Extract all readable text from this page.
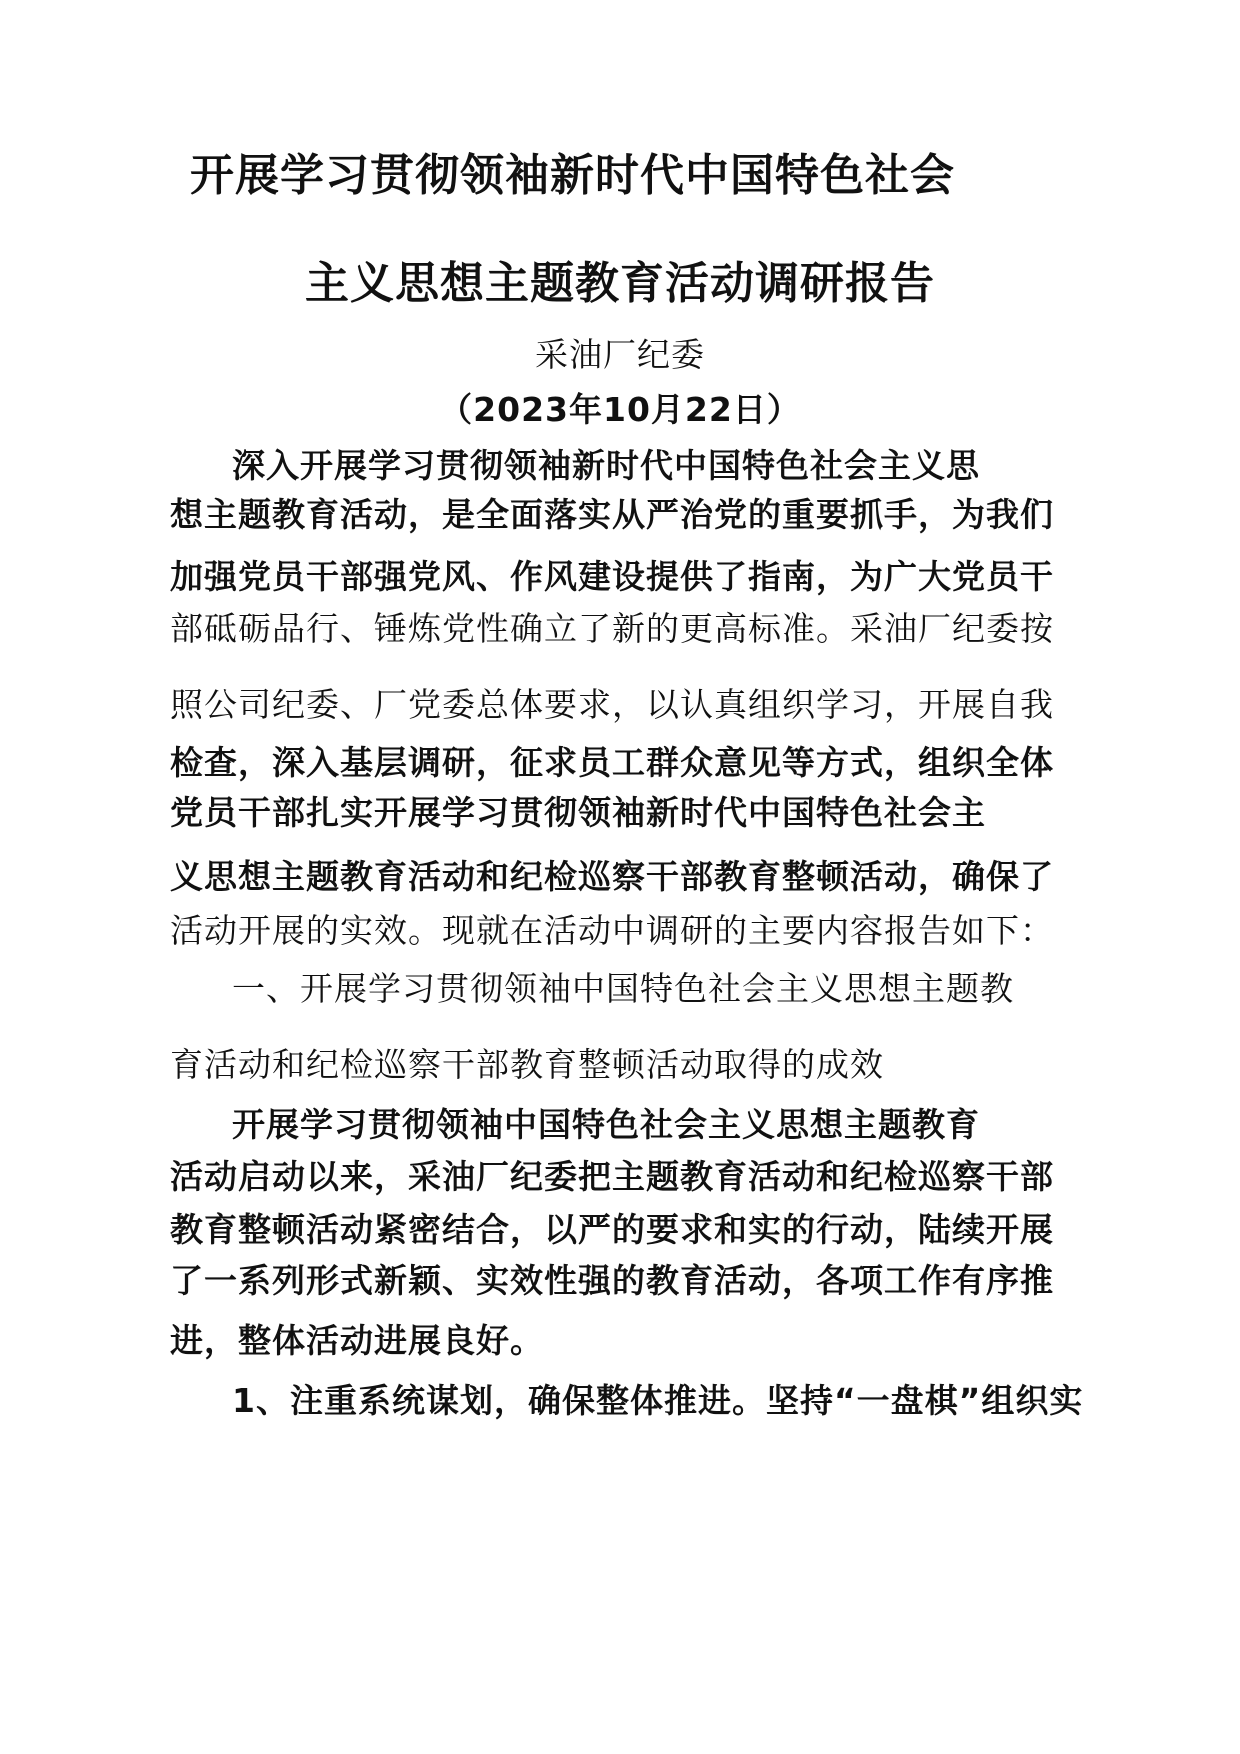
开展学习贯彻领袖新时代中国特色社会
主义思想主题教育活动调研报告
采油厂纪委
（2023年10月22日）
深入开展学习贯彻领袖新时代中国特色社会主义思
想主题教育活动，是全面落实从严治党的重要抓手，为我们
加强党员干部强党风、作风建设提供了指南，为广大党员干
部砥砺品行、锤炼党性确立了新的更高标准。采油厂纪委按
照公司纪委、厂党委总体要求，以认真组织学习，开展自我
检查，深入基层调研，征求员工群众意见等方式，组织全体
党员干部扎实开展学习贯彻领袖新时代中国特色社会主
义思想主题教育活动和纪检巡察干部教育整顿活动，确保了
活动开展的实效。现就在活动中调研的主要内容报告如下：
一、开展学习贯彻领袖中国特色社会主义思想主题教
育活动和纪检巡察干部教育整顿活动取得的成效
开展学习贯彻领袖中国特色社会主义思想主题教育
活动启动以来，采油厂纪委把主题教育活动和纪检巡察干部
教育整顿活动紧密结合，以严的要求和实的行动，陆续开展
了一系列形式新颖、实效性强的教育活动，各项工作有序推
进，整体活动进展良好。
1、注重系统谋划，确保整体推进。坚持“一盘棋”组织实
